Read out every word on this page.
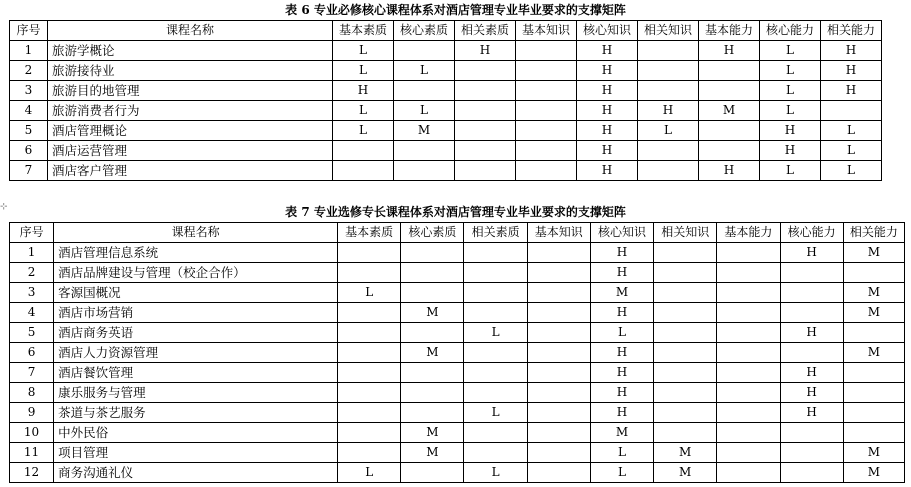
表 6 专业必修核心课程体系对酒店管理专业毕业要求的支撑矩阵
序号	课程名称	基本素质	核心素质	相关素质	基本知识	核心知识	相关知识	基本能力	核心能力	相关能力
1	旅游学概论	L		H		H		H	L	H
2	旅游接待业	L	L			H			L	H
3	旅游目的地管理	H				H			L	H
4	旅游消费者行为	L	L			H	H	M	L	
5	酒店管理概论	L	M			H	L		H	L
6	酒店运营管理					H			H	L
7	酒店客户管理					H		H	L	L
⊹	表 7 专业选修专长课程体系对酒店管理专业毕业要求的支撑矩阵
序号	课程名称	基本素质	核心素质	相关素质	基本知识	核心知识	相关知识	基本能力	核心能力	相关能力
1	酒店管理信息系统					H			H	M
2	酒店品牌建设与管理（校企合作）					H				
3	客源国概况	L				M				M
4	酒店市场营销		M			H				M
5	酒店商务英语			L		L			H	
6	酒店人力资源管理		M			H				M
7	酒店餐饮管理					H			H	
8	康乐服务与管理					H			H	
9	茶道与茶艺服务			L		H			H	
10	中外民俗		M			M				
11	项目管理		M			L	M			M
12	商务沟通礼仪	L		L		L	M			M
